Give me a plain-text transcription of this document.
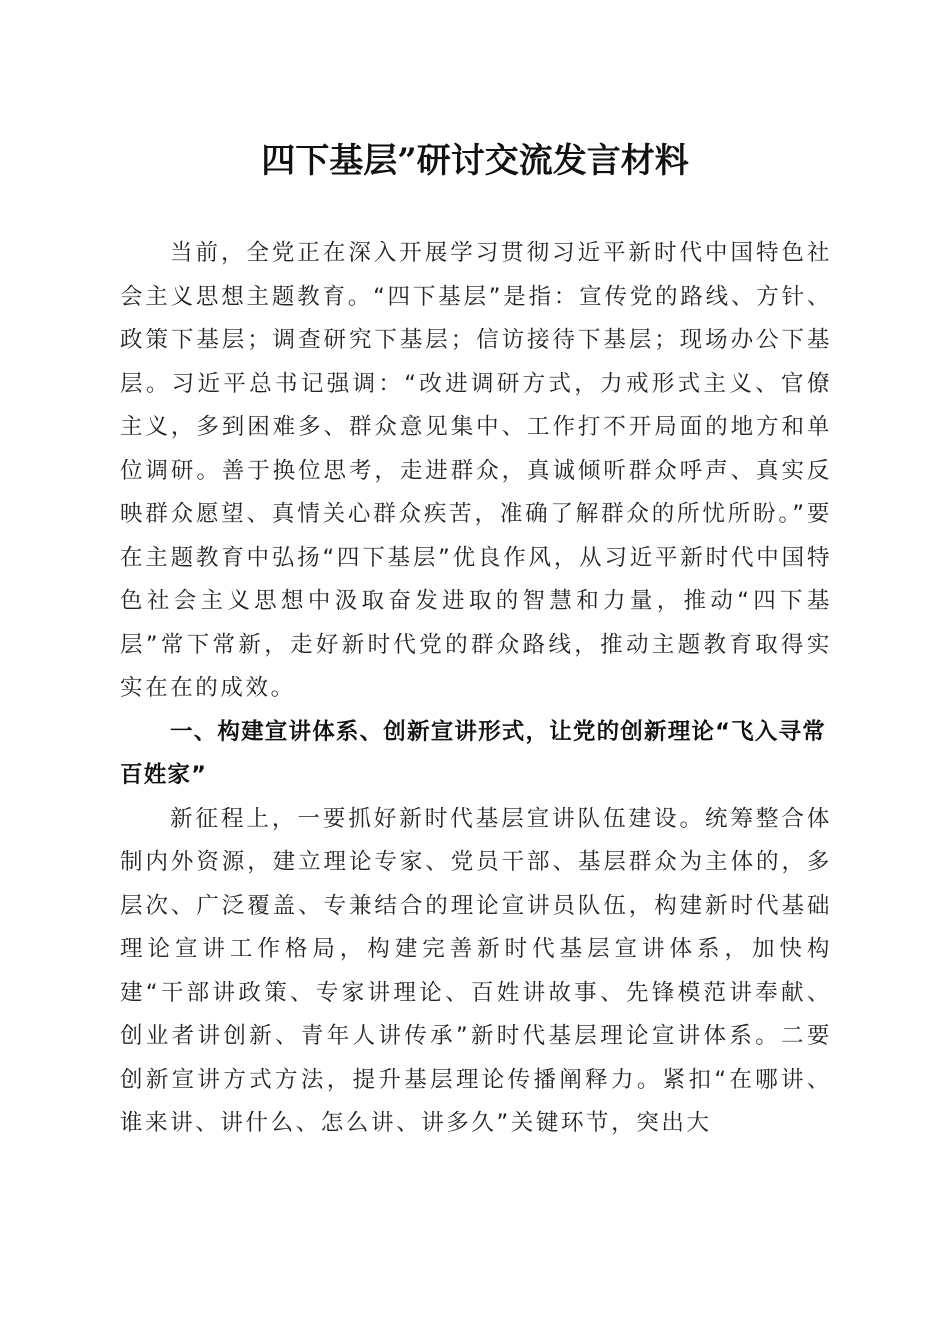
四下基层”研讨交流发言材料

当前，全党正在深入开展学习贯彻习近平新时代中国特色社会主义思想主题教育。“四下基层”是指：宣传党的路线、方针、政策下基层；调查研究下基层；信访接待下基层；现场办公下基层。习近平总书记强调：“改进调研方式，力戒形式主义、官僚主义，多到困难多、群众意见集中、工作打不开局面的地方和单位调研。善于换位思考，走进群众，真诚倾听群众呼声、真实反映群众愿望、真情关心群众疾苦，准确了解群众的所忧所盼。”要在主题教育中弘扬“四下基层”优良作风，从习近平新时代中国特色社会主义思想中汲取奋发进取的智慧和力量，推动“四下基层”常下常新，走好新时代党的群众路线，推动主题教育取得实实在在的成效。

一、构建宣讲体系、创新宣讲形式，让党的创新理论“飞入寻常百姓家”

新征程上，一要抓好新时代基层宣讲队伍建设。统筹整合体制内外资源，建立理论专家、党员干部、基层群众为主体的，多层次、广泛覆盖、专兼结合的理论宣讲员队伍，构建新时代基础理论宣讲工作格局，构建完善新时代基层宣讲体系，加快构建“干部讲政策、专家讲理论、百姓讲故事、先锋模范讲奉献、创业者讲创新、青年人讲传承”新时代基层理论宣讲体系。二要创新宣讲方式方法，提升基层理论传播阐释力。紧扣“在哪讲、谁来讲、讲什么、怎么讲、讲多久”关键环节，突出大
